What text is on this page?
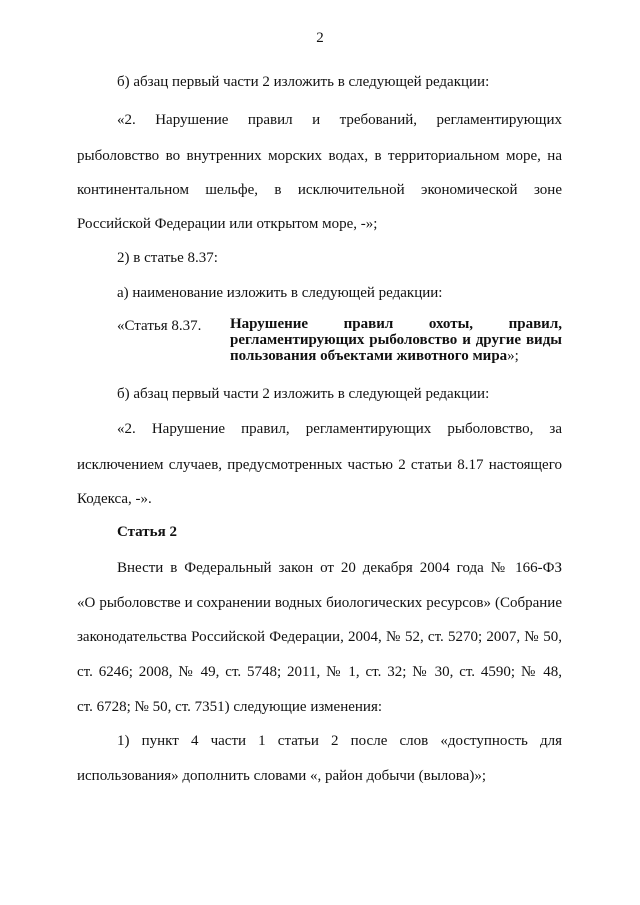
2
б) абзац первый части 2 изложить в следующей редакции:
«2. Нарушение правил и требований, регламентирующих
рыболовство во внутренних морских водах, в территориальном море, на
континентальном шельфе, в исключительной экономической зоне
Российской Федерации или открытом море, -»;
2) в статье 8.37:
а) наименование изложить в следующей редакции:
«Статья 8.37. Нарушение правил охоты, правил,
регламентирующих рыболовство и другие виды
пользования объектами животного мира»;
б) абзац первый части 2 изложить в следующей редакции:
«2. Нарушение правил, регламентирующих рыболовство, за
исключением случаев, предусмотренных частью 2 статьи 8.17 настоящего
Кодекса, -».
Статья 2
Внести в Федеральный закон от 20 декабря 2004 года № 166-ФЗ
«О рыболовстве и сохранении водных биологических ресурсов» (Собрание
законодательства Российской Федерации, 2004, № 52, ст. 5270; 2007, № 50,
ст. 6246; 2008, № 49, ст. 5748; 2011, № 1, ст. 32; № 30, ст. 4590; № 48,
ст. 6728; № 50, ст. 7351) следующие изменения:
1) пункт 4 части 1 статьи 2 после слов «доступность для
использования» дополнить словами «, район добычи (вылова)»;
